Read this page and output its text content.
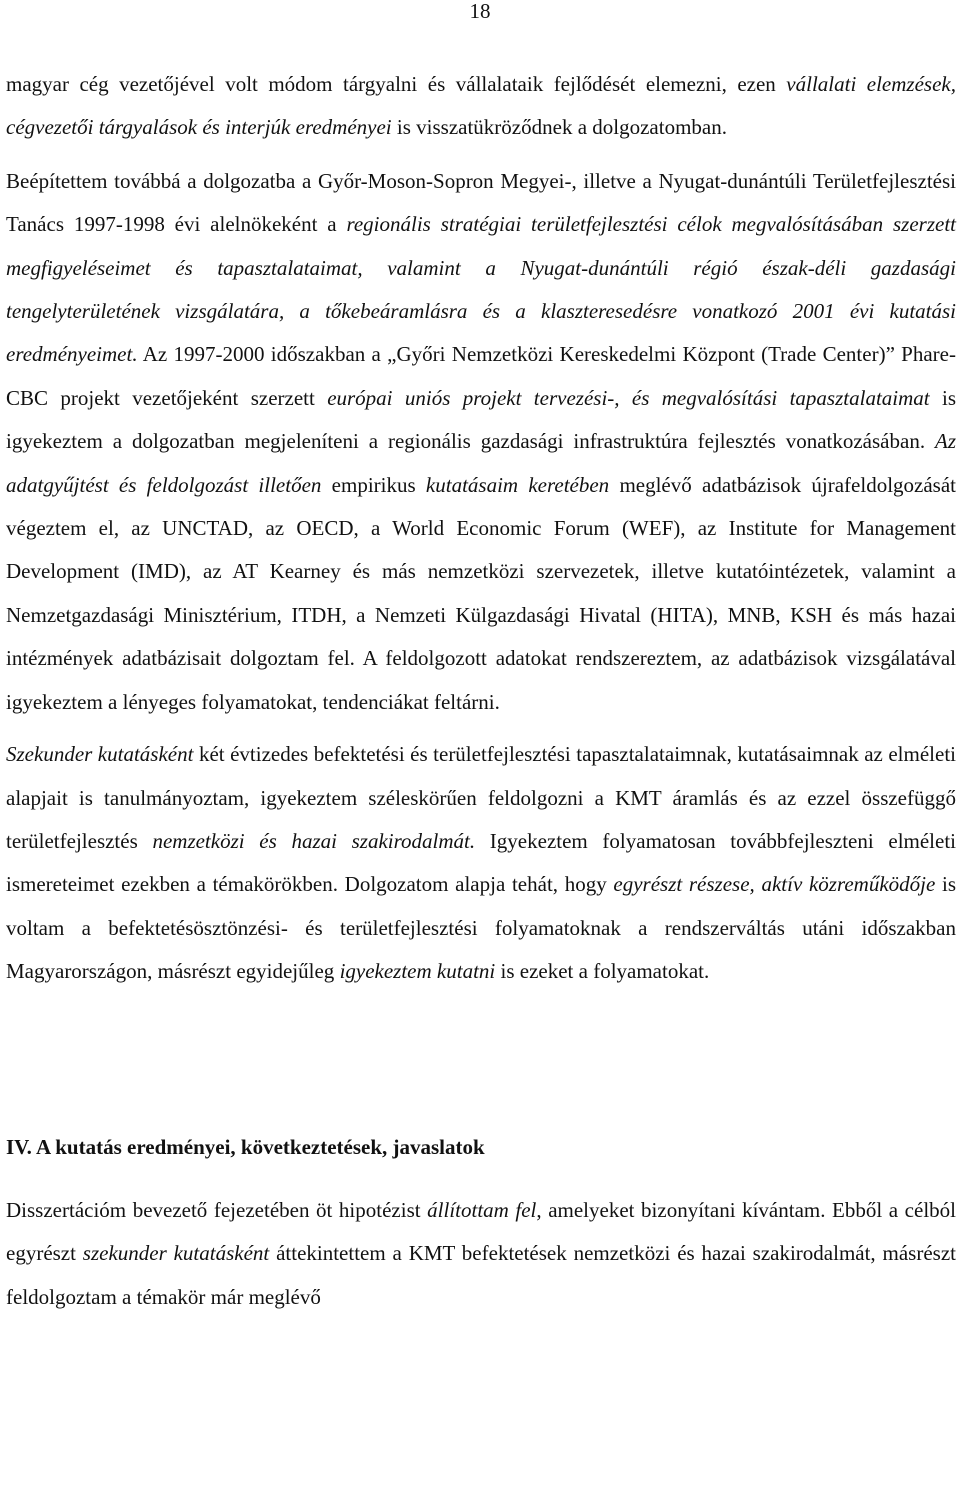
18

magyar cég vezetőjével volt módom tárgyalni és vállalataik fejlődését elemezni, ezen vállalati elemzések, cégvezetői tárgyalások és interjúk eredményei is visszatükröződnek a dolgozatomban.

Beépítettem továbbá a dolgozatba a Győr-Moson-Sopron Megyei-, illetve a Nyugat-dunántúli Területfejlesztési Tanács 1997-1998 évi alelnökeként a regionális stratégiai területfejlesztési célok megvalósításában szerzett megfigyeléseimet és tapasztalataimat, valamint a Nyugat-dunántúli régió észak-déli gazdasági tengelyterületének vizsgálatára, a tőkebeáramlásra és a klaszteresedésre vonatkozó 2001 évi kutatási eredményeimet. Az 1997-2000 időszakban a „Győri Nemzetközi Kereskedelmi Központ (Trade Center)” Phare-CBC projekt vezetőjeként szerzett európai uniós projekt tervezési-, és megvalósítási tapasztalataimat is igyekeztem a dolgozatban megjeleníteni a regionális gazdasági infrastruktúra fejlesztés vonatkozásában. Az adatgyűjtést és feldolgozást illetően empirikus kutatásaim keretében meglévő adatbázisok újrafeldolgozását végeztem el, az UNCTAD, az OECD, a World Economic Forum (WEF), az Institute for Management Development (IMD), az AT Kearney és más nemzetközi szervezetek, illetve kutatóintézetek, valamint a Nemzetgazdasági Minisztérium, ITDH, a Nemzeti Külgazdasági Hivatal (HITA), MNB, KSH és más hazai intézmények adatbázisait dolgoztam fel. A feldolgozott adatokat rendszereztem, az adatbázisok vizsgálatával igyekeztem a lényeges folyamatokat, tendenciákat feltárni.

Szekunder kutatásként két évtizedes befektetési és területfejlesztési tapasztalataimnak, kutatásaimnak az elméleti alapjait is tanulmányoztam, igyekeztem széleskörűen feldolgozni a KMT áramlás és az ezzel összefüggő területfejlesztés nemzetközi és hazai szakirodalmát. Igyekeztem folyamatosan továbbfejleszteni elméleti ismereteimet ezekben a témakörökben. Dolgozatom alapja tehát, hogy egyrészt részese, aktív közreműködője is voltam a befektetésösztönzési- és területfejlesztési folyamatoknak a rendszerváltás utáni időszakban Magyarországon, másrészt egyidejűleg igyekeztem kutatni is ezeket a folyamatokat.

IV. A kutatás eredményei, következtetések, javaslatok

Disszertációm bevezető fejezetében öt hipotézist állítottam fel, amelyeket bizonyítani kívántam. Ebből a célból egyrészt szekunder kutatásként áttekintettem a KMT befektetések nemzetközi és hazai szakirodalmát, másrészt feldolgoztam a témakör már meglévő
